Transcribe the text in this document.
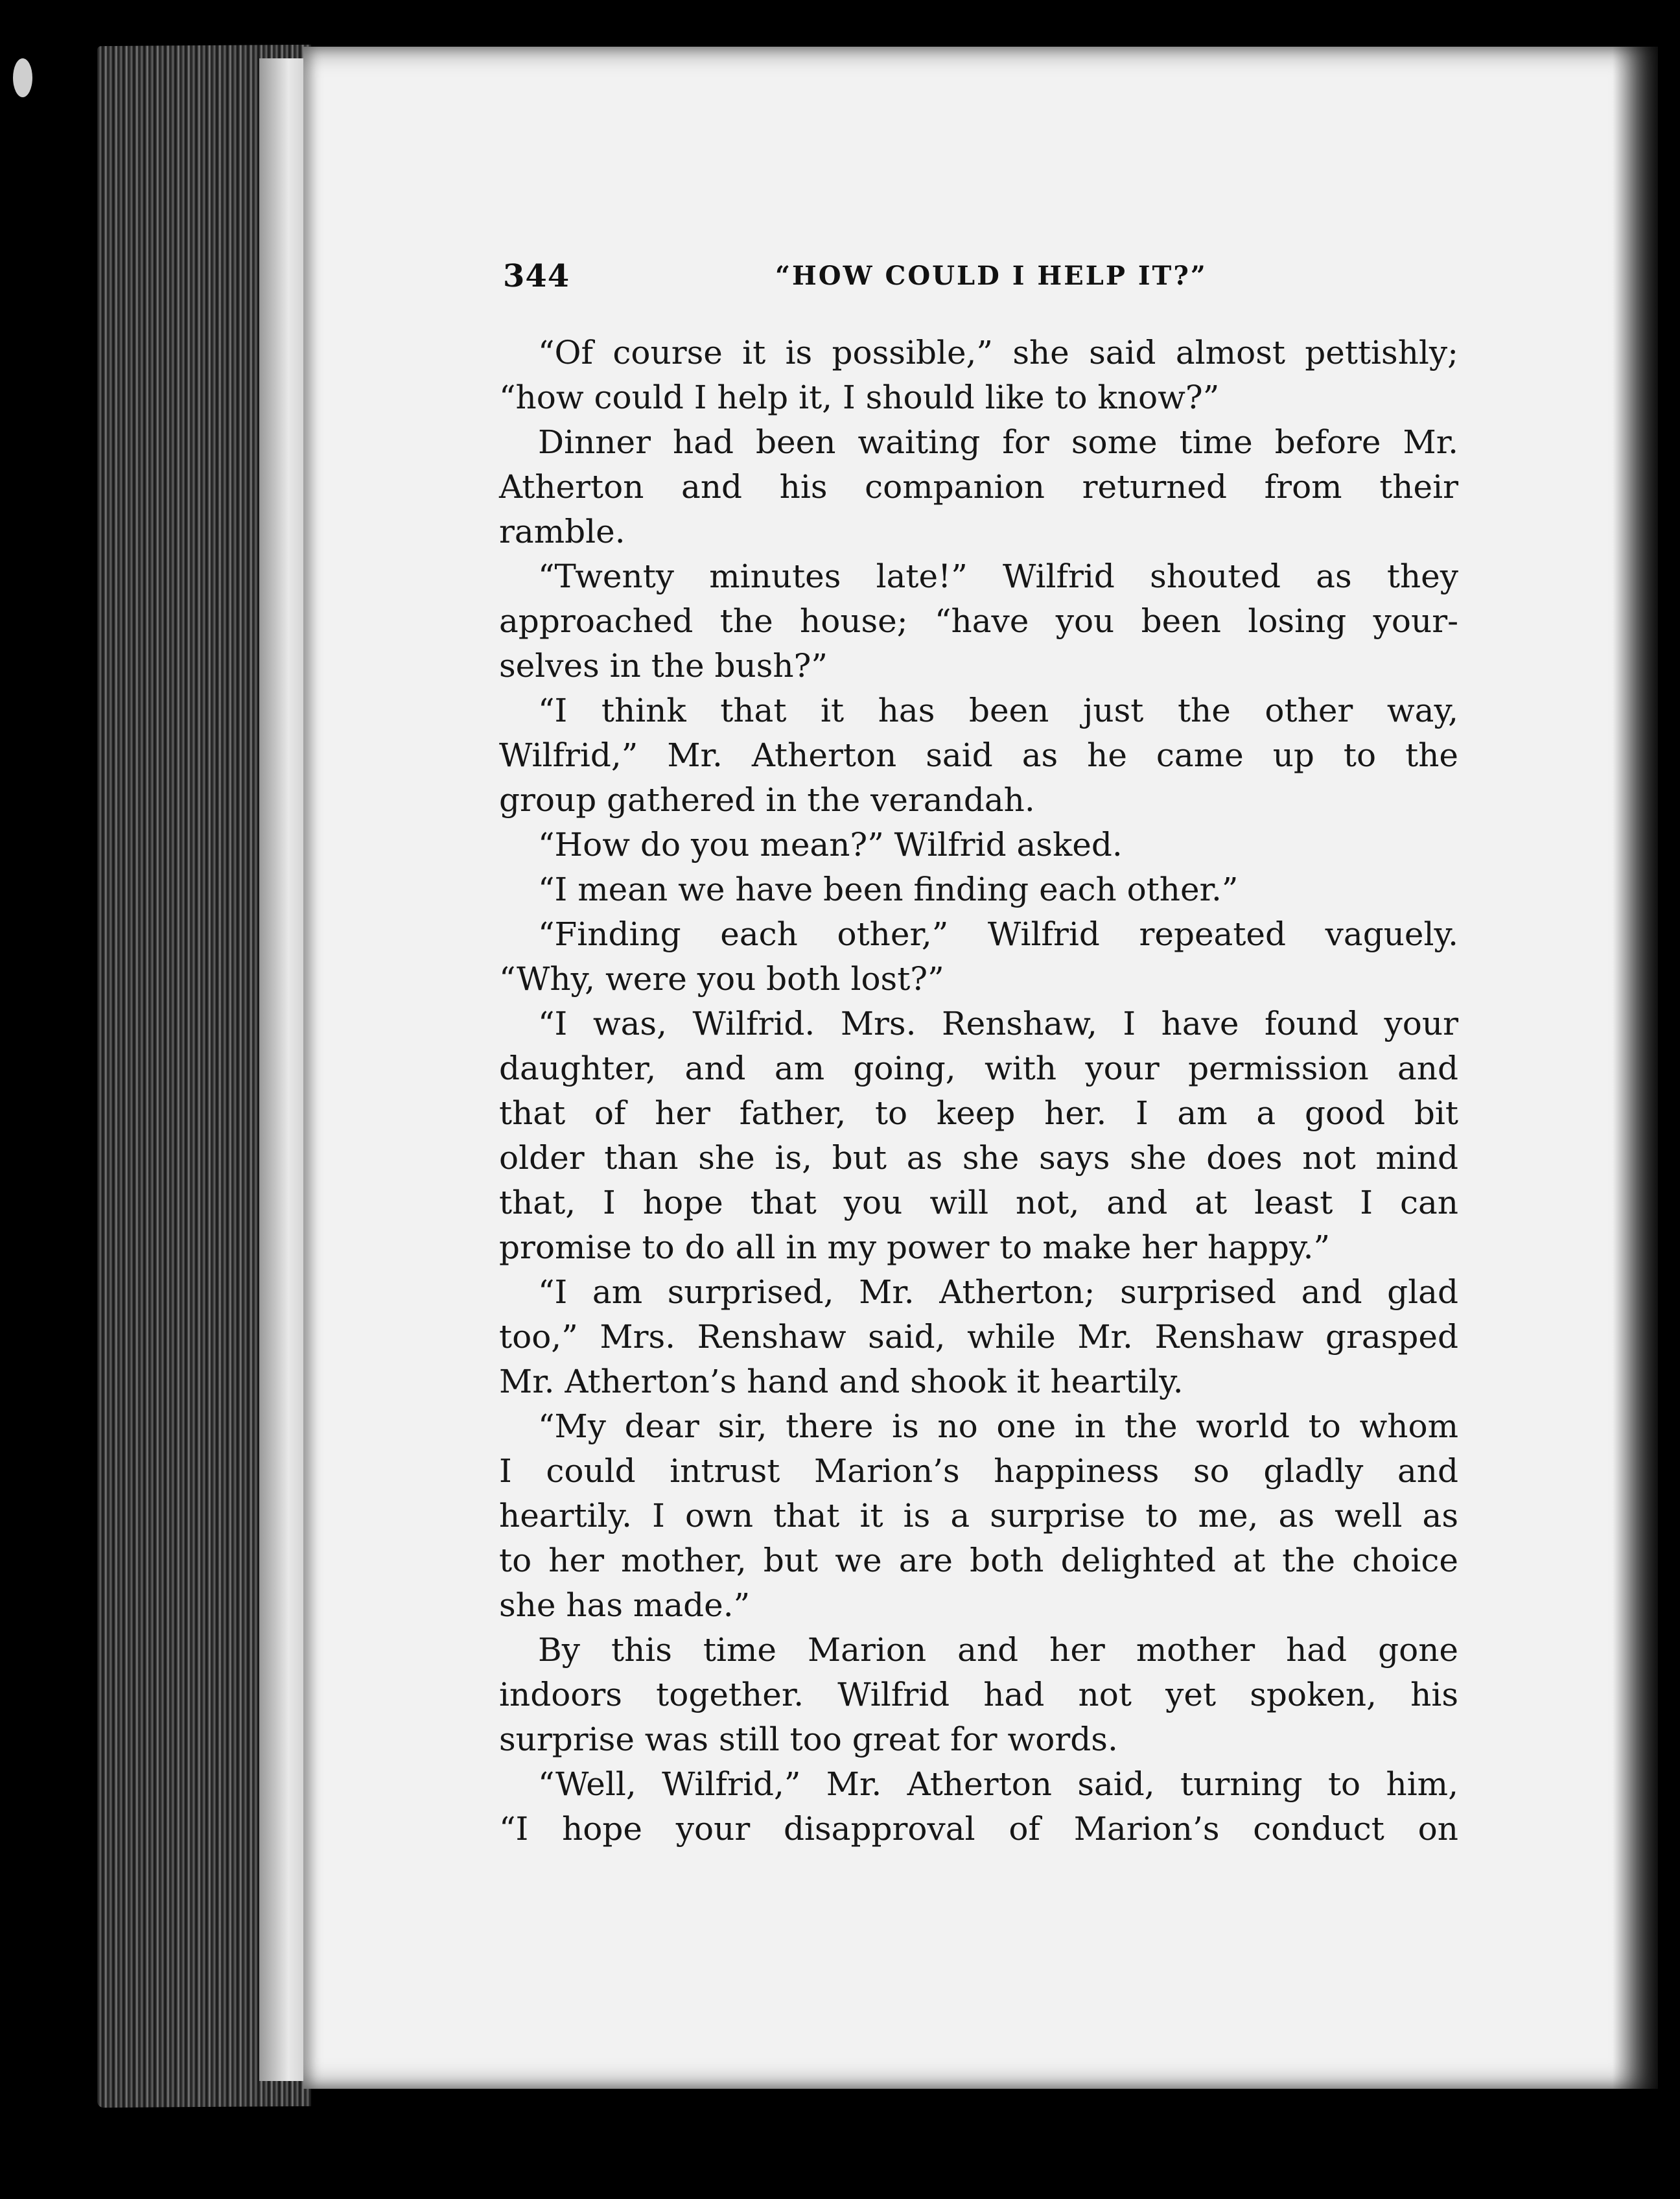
344	“HOW COULD I HELP IT?”
“Of course it is possible,” she said almost pettishly;
“how could I help it, I should like to know?”
Dinner had been waiting for some time before Mr.
Atherton and his companion returned from their
ramble.
“Twenty minutes late!” Wilfrid shouted as they
approached the house; “have you been losing your-
selves in the bush?”
“I think that it has been just the other way,
Wilfrid,” Mr. Atherton said as he came up to the
group gathered in the verandah.
“How do you mean?” Wilfrid asked.
“I mean we have been finding each other.”
“Finding each other,” Wilfrid repeated vaguely.
“Why, were you both lost?”
“I was, Wilfrid. Mrs. Renshaw, I have found your
daughter, and am going, with your permission and
that of her father, to keep her. I am a good bit
older than she is, but as she says she does not mind
that, I hope that you will not, and at least I can
promise to do all in my power to make her happy.”
“I am surprised, Mr. Atherton; surprised and glad
too,” Mrs. Renshaw said, while Mr. Renshaw grasped
Mr. Atherton’s hand and shook it heartily.
“My dear sir, there is no one in the world to whom
I could intrust Marion’s happiness so gladly and
heartily. I own that it is a surprise to me, as well as
to her mother, but we are both delighted at the choice
she has made.”
By this time Marion and her mother had gone
indoors together. Wilfrid had not yet spoken, his
surprise was still too great for words.
“Well, Wilfrid,” Mr. Atherton said, turning to him,
“I hope your disapproval of Marion’s conduct on
